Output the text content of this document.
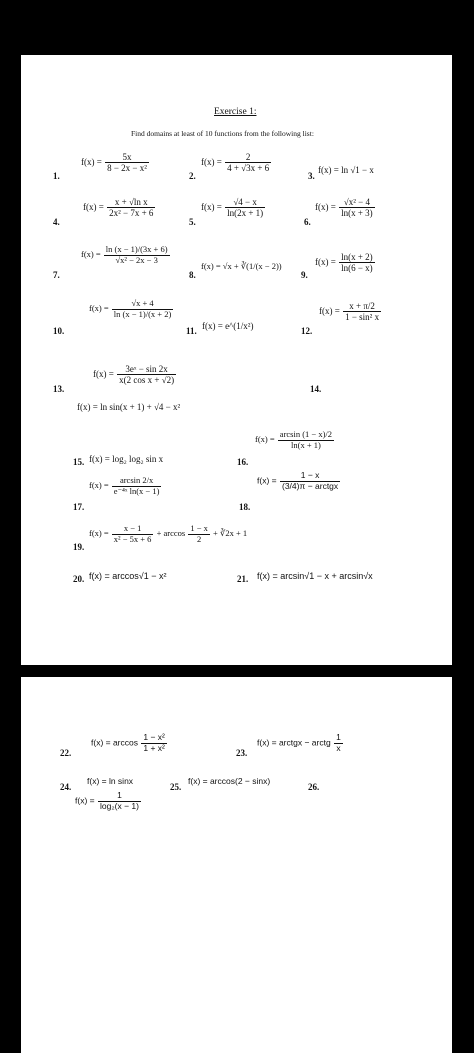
Exercise 1:
Find domains at least of 10 functions from the following list:
1.
$f(x) = \frac{5x}{\text{8 − 2x − x²}}$
2.
$f(x) = \frac{2}{4 + √3x + 6}$
3.
f(x) = ln √1 − x
4.
$f(x) = \frac{\text{x + √ln x}}{\text{2x² − 7x + 6}}$
5.
$f(x) = \frac{√4 - x}{\ln(2x + 1)}$
6.
$f(x) = \frac{\text{√x² − 4}}{\ln(x + 3)}$
7.
$f(x) = \frac{\ln (x - 1)/(3x + 6)}{\text{√x² − 2x − 3}}$
8.
f(x) = √x + ∛(1/(x − 2))
9.
$f(x) = \frac{\ln(x + 2)}{\ln(6 - x)}$
10.
$f(x) = \frac{√x + 4}{\ln (x - 1)/(x + 2)}$
11. f(x) = e^(1/x²)	12.
$f(x) = \frac{x + \pi/2}{\text{1 − sin² x}}$
13.
$f(x) = \frac{\text{3eˣ − sin 2x}}{\text{x(2 cos x + √2)}}$
14.
f(x) = ln sin(x + 1) + √4 − x²
15. f(x) = log₂ log₂ sin x	16.
$f(x) = \frac{\arcsin (1 - x)/2}{\ln(x + 1)}$
17.
$f(x) = \frac{\arcsin 2/x}{\text{e⁻⁴ˣ ln(x − 1)}}$
18.
$f(x) = \frac{1 - x}{\text{(3/4)π − arctgx}}$
19.
$f(x) = \frac{x - 1}{\text{x² − 5x + 6}} + \arccos \frac{1 - x}{2}$ + ∛2x + 1
20. f(x) = arccos√1 − x²	21. f(x) = arcsin√1 − x + arcsin√x
22.
$f(x) = \arccos \frac{\text{1 − x²}}{\text{1 + x²}}$	23.
f(x) = arctgx − arctg $\frac{1}{x}$
24.
f(x) = ln sinx
25.
f(x) = arccos(2 − sinx)
26.
$f(x) = \frac{1}{\text{log₂(x − 1)}}$
